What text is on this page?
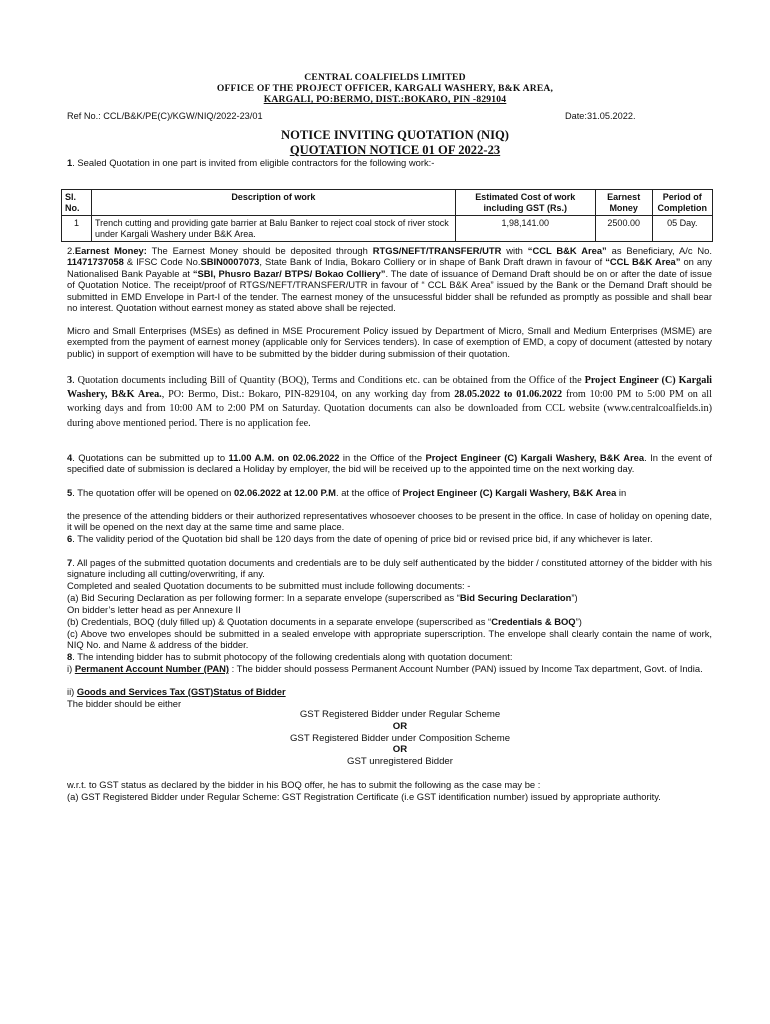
CENTRAL COALFIELDS LIMITED
OFFICE OF THE PROJECT OFFICER, KARGALI WASHERY, B&K AREA,
KARGALI, PO:BERMO, DIST.:BOKARO, PIN -829104
Ref No.: CCL/B&K/PE(C)/KGW/NIQ/2022-23/01	Date:31.05.2022.
NOTICE INVITING QUOTATION (NIQ)
QUOTATION NOTICE 01 OF 2022-23
1. Sealed Quotation in one part is invited from eligible contractors for the following work:-
Sl. No.	Description of work	Estimated Cost of work including GST (Rs.)	Earnest Money	Period of Completion
1	Trench cutting and providing gate barrier at Balu Banker to reject coal stock of river stock under Kargali Washery under B&K Area.	1,98,141.00	2500.00	05 Day.
2.Earnest Money: The Earnest Money should be deposited through RTGS/NEFT/TRANSFER/UTR with “CCL B&K Area” as Beneficiary, A/c No. 11471737058 & IFSC Code No.SBIN0007073, State Bank of India, Bokaro Colliery or in shape of Bank Draft drawn in favour of “CCL B&K Area” on any Nationalised Bank Payable at “SBI, Phusro Bazar/ BTPS/ Bokao Colliery”. The date of issuance of Demand Draft should be on or after the date of issue of Quotation Notice. The receipt/proof of RTGS/NEFT/TRANSFER/UTR in favour of “ CCL B&K Area” issued by the Bank or the Demand Draft should be submitted in EMD Envelope in Part-I of the tender. The earnest money of the unsucessful bidder shall be refunded as promptly as possible and shall bear no interest. Quotation without earnest money as stated above shall be rejected.
Micro and Small Enterprises (MSEs) as defined in MSE Procurement Policy issued by Department of Micro, Small and Medium Enterprises (MSME) are exempted from the payment of earnest money (applicable only for Services tenders). In case of exemption of EMD, a copy of document (attested by notary public) in support of exemption will have to be submitted by the bidder during submission of their quotation.
3. Quotation documents including Bill of Quantity (BOQ), Terms and Conditions etc. can be obtained from the Office of the Project Engineer (C) Kargali Washery, B&K Area., PO: Bermo, Dist.: Bokaro, PIN-829104, on any working day from 28.05.2022 to 01.06.2022 from 10:00 PM to 5:00 PM on all working days and from 10:00 AM to 2:00 PM on Saturday. Quotation documents can also be downloaded from CCL website (www.centralcoalfields.in) during above mentioned period. There is no application fee.
4. Quotations can be submitted up to 11.00 A.M. on 02.06.2022 in the Office of the Project Engineer (C) Kargali Washery, B&K Area. In the event of specified date of submission is declared a Holiday by employer, the bid will be received up to the appointed time on the next working day.
5. The quotation offer will be opened on 02.06.2022 at 12.00 P.M. at the office of Project Engineer (C) Kargali Washery, B&K Area in
the presence of the attending bidders or their authorized representatives whosoever chooses to be present in the office. In case of holiday on opening date, it will be opened on the next day at the same time and same place.
6. The validity period of the Quotation bid shall be 120 days from the date of opening of price bid or revised price bid, if any whichever is later.
7. All pages of the submitted quotation documents and credentials are to be duly self authenticated by the bidder / constituted attorney of the bidder with his signature including all cutting/overwriting, if any.
Completed and sealed Quotation documents to be submitted must include following documents: -
(a) Bid Securing Declaration as per following former: In a separate envelope (superscribed as “Bid Securing Declaration”)
On bidder’s letter head as per Annexure II
(b) Credentials, BOQ (duly filled up) & Quotation documents in a separate envelope (superscribed as “Credentials & BOQ”)
(c) Above two envelopes should be submitted in a sealed envelope with appropriate superscription. The envelope shall clearly contain the name of work, NIQ No. and Name & address of the bidder.
8. The intending bidder has to submit photocopy of the following credentials along with quotation document:
i) Permanent Account Number (PAN) : The bidder should possess Permanent Account Number (PAN) issued by Income Tax department, Govt. of India.
ii) Goods and Services Tax (GST)Status of Bidder
The bidder should be either
GST Registered Bidder under Regular Scheme
OR
GST Registered Bidder under Composition Scheme
OR
GST unregistered Bidder
w.r.t. to GST status as declared by the bidder in his BOQ offer, he has to submit the following as the case may be :
(a) GST Registered Bidder under Regular Scheme: GST Registration Certificate (i.e GST identification number) issued by appropriate authority.
